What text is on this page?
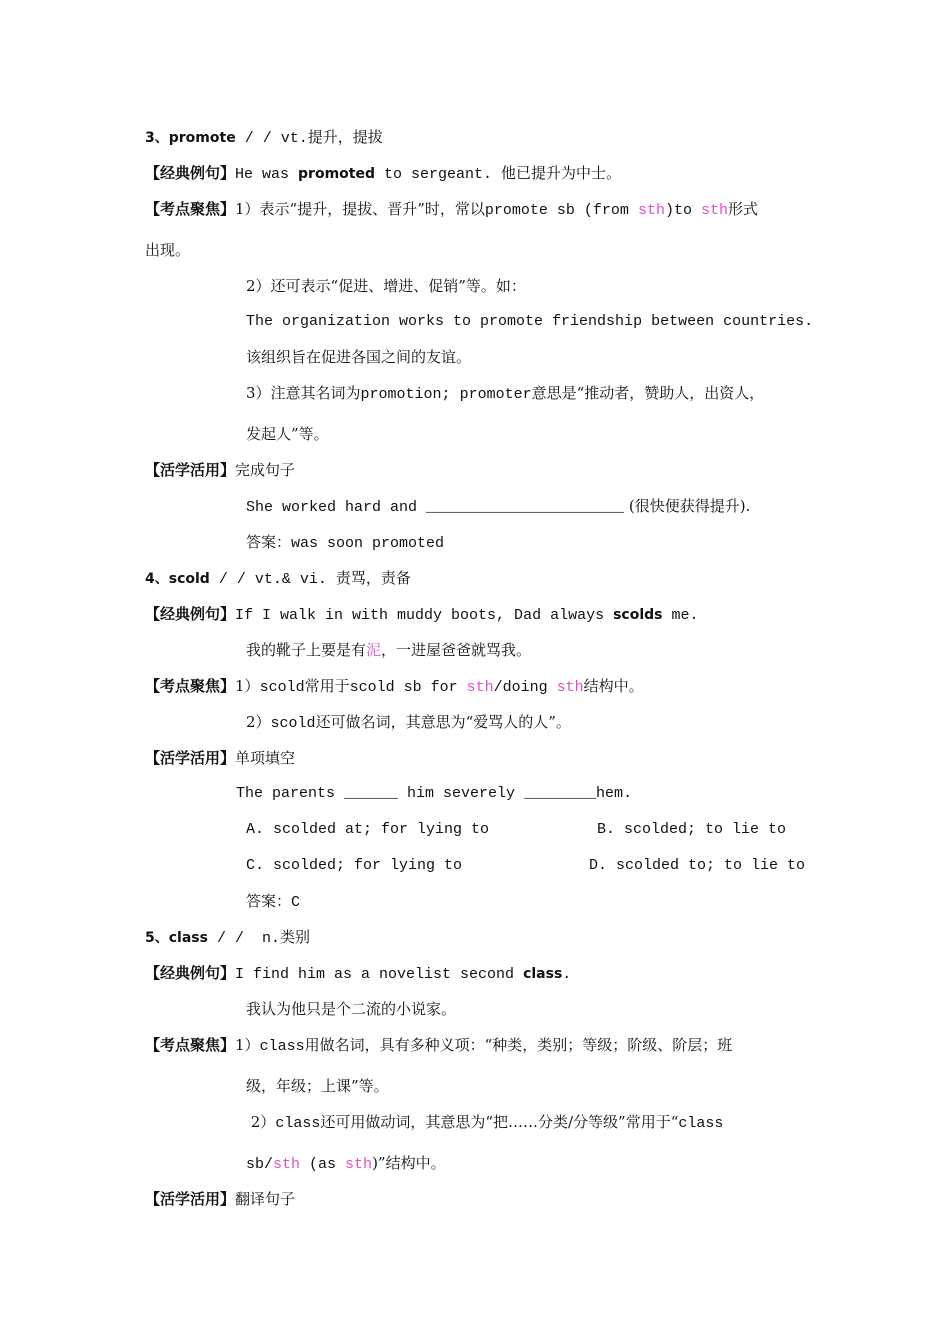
3、promote / / vt.提升，提拔
【经典例句】He was promoted to sergeant. 他已提升为中士。
【考点聚焦】1）表示“提升，提拔、晋升”时，常以promote sb (from sth)to sth形式
出现。
2）还可表示“促进、增进、促销”等。如：
The organization works to promote friendship between countries.
该组织旨在促进各国之间的友谊。
3）注意其名词为promotion; promoter意思是“推动者，赞助人，出资人，
发起人”等。
【活学活用】完成句子
She worked hard and ______________________ (很快便获得提升).
答案：was soon promoted
4、scold / / vt.& vi. 责骂，责备
【经典例句】If I walk in with muddy boots, Dad always scolds me.
我的靴子上要是有泥，一进屋爸爸就骂我。
【考点聚焦】1）scold常用于scold sb for sth/doing sth结构中。
2）scold还可做名词，其意思为“爱骂人的人”。
【活学活用】单项填空
The parents ______ him severely ________hem.
A. scolded at; for lying to	B. scolded; to lie to
C. scolded; for lying to	D. scolded to; to lie to
答案：C
5、class / /  n.类别
【经典例句】I find him as a novelist second class.
我认为他只是个二流的小说家。
【考点聚焦】1）class用做名词，具有多种义项：“种类，类别；等级；阶级、阶层；班
级，年级；上课”等。
2）class还可用做动词，其意思为“把……分类/分等级”常用于“class
sb/sth (as sth)”结构中。
【活学活用】翻译句子
